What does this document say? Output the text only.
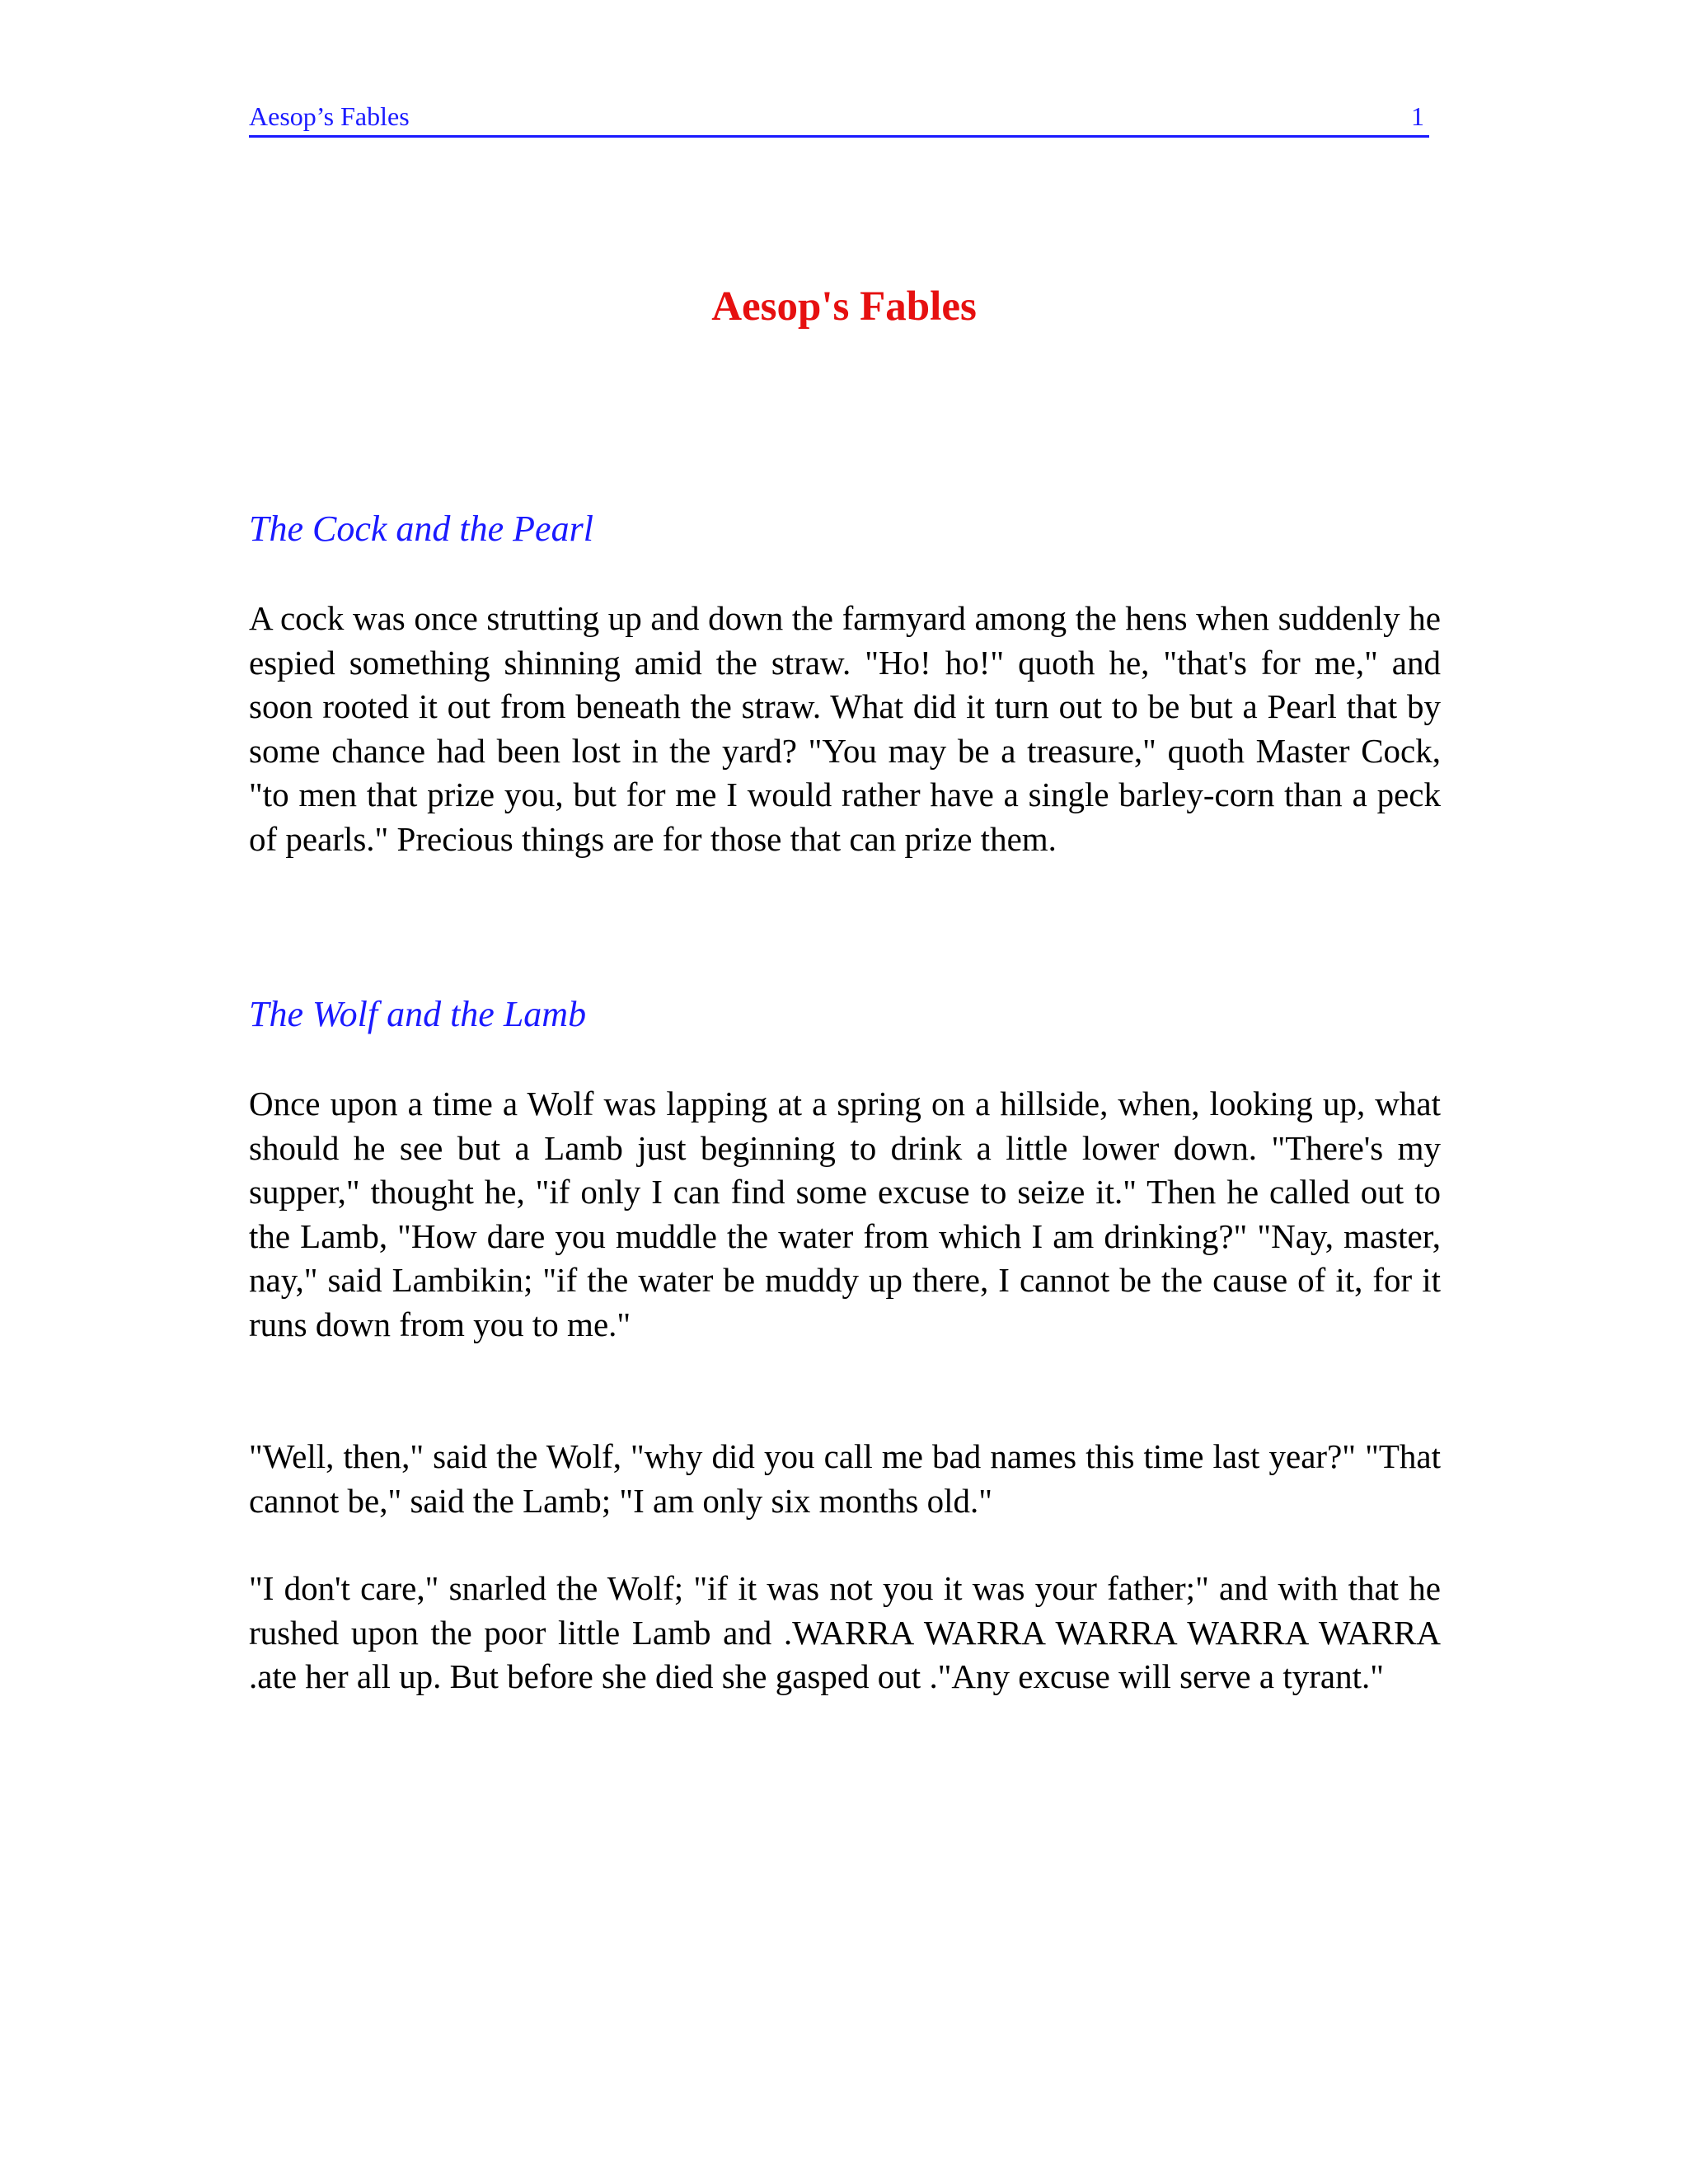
Aesop’s Fables	1
Aesop's Fables
The Cock and the Pearl

A cock was once strutting up and down the farmyard among the hens when suddenly he espied something shinning amid the straw. "Ho! ho!" quoth he, "that's for me," and soon rooted it out from beneath the straw. What did it turn out to be but a Pearl that by some chance had been lost in the yard? "You may be a treasure," quoth Master Cock, "to men that prize you, but for me I would rather have a single barley-corn than a peck of pearls." Precious things are for those that can prize them.

The Wolf and the Lamb

Once upon a time a Wolf was lapping at a spring on a hillside, when, looking up, what should he see but a Lamb just beginning to drink a little lower down. "There's my supper," thought he, "if only I can find some excuse to seize it." Then he called out to the Lamb, "How dare you muddle the water from which I am drinking?" "Nay, master, nay," said Lambikin; "if the water be muddy up there, I cannot be the cause of it, for it runs down from you to me."

"Well, then," said the Wolf, "why did you call me bad names this time last year?" "That cannot be," said the Lamb; "I am only six months old."

"I don't care," snarled the Wolf; "if it was not you it was your father;" and with that he rushed upon the poor little Lamb and .WARRA WARRA WARRA WARRA WARRA .ate her all up. But before she died she gasped out ."Any excuse will serve a tyrant."
